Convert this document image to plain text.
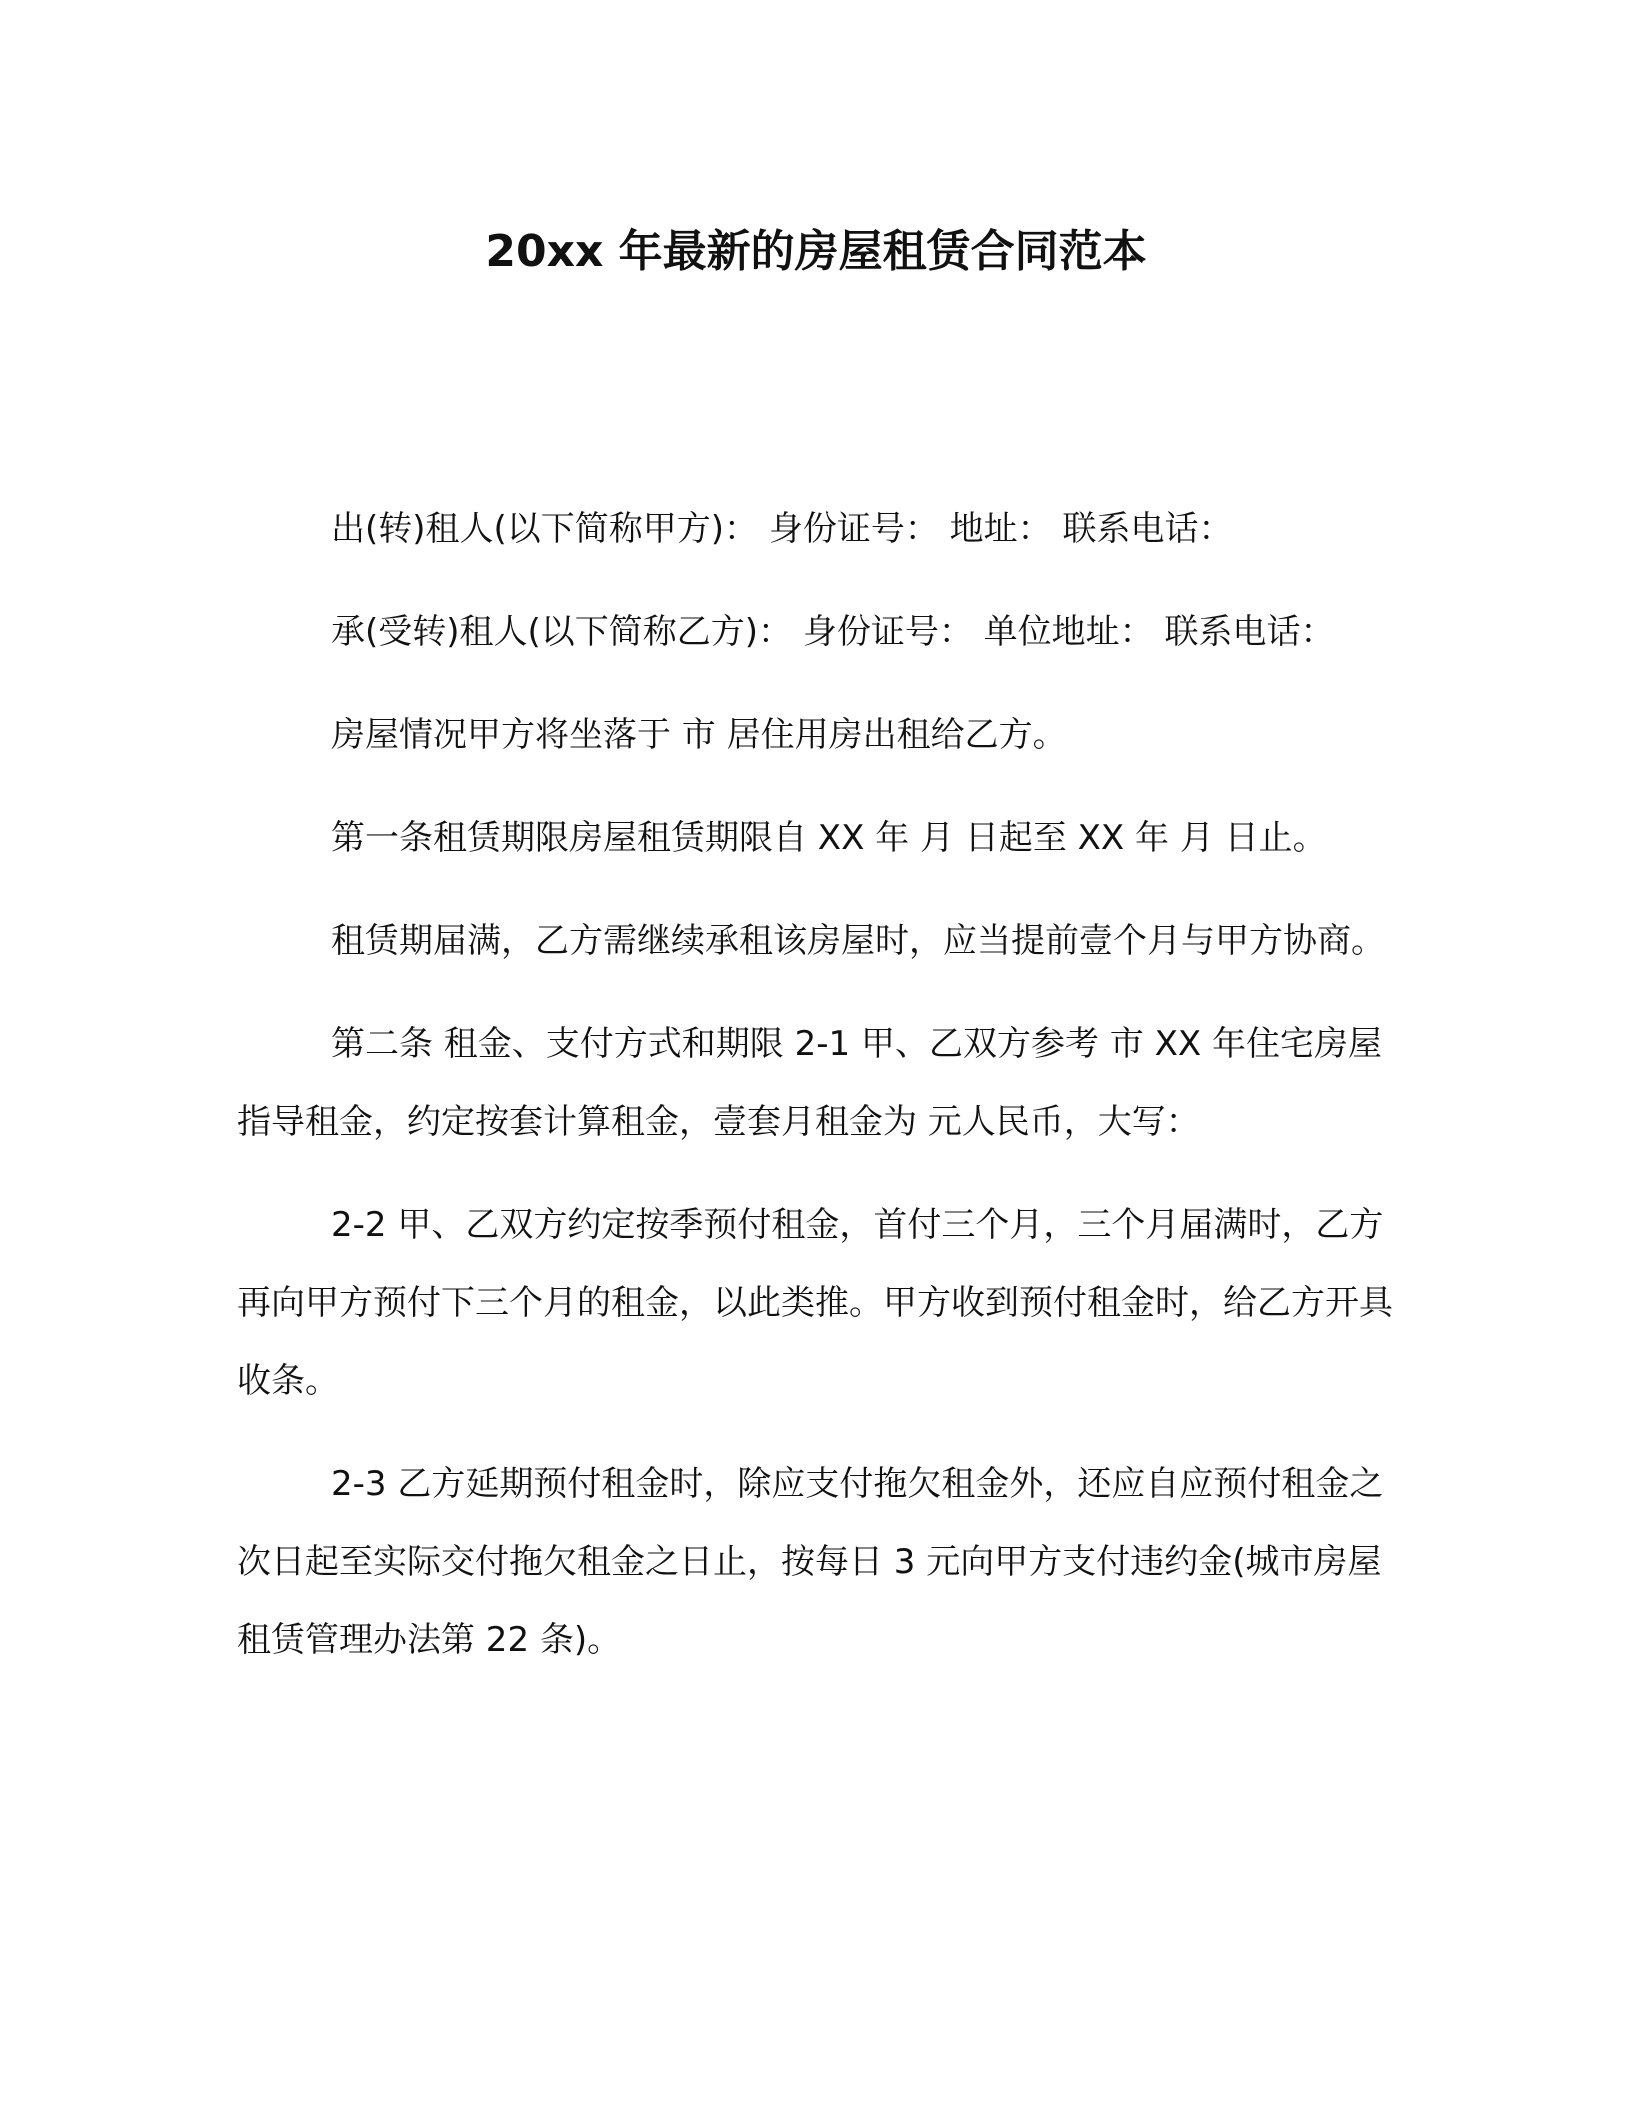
20xx 年最新的房屋租赁合同范本

出(转)租人(以下简称甲方)： 身份证号： 地址： 联系电话：

承(受转)租人(以下简称乙方)： 身份证号： 单位地址： 联系电话：

房屋情况甲方将坐落于 市 居住用房出租给乙方。

第一条租赁期限房屋租赁期限自 XX 年 月 日起至 XX 年 月 日止。

租赁期届满，乙方需继续承租该房屋时，应当提前壹个月与甲方协商。

第二条 租金、支付方式和期限 2-1 甲、乙双方参考 市 XX 年住宅房屋指导租金，约定按套计算租金，壹套月租金为 元人民币，大写：

2-2 甲、乙双方约定按季预付租金，首付三个月，三个月届满时，乙方再向甲方预付下三个月的租金，以此类推。甲方收到预付租金时，给乙方开具收条。

2-3 乙方延期预付租金时，除应支付拖欠租金外，还应自应预付租金之次日起至实际交付拖欠租金之日止，按每日 3 元向甲方支付违约金(城市房屋租赁管理办法第 22 条)。
